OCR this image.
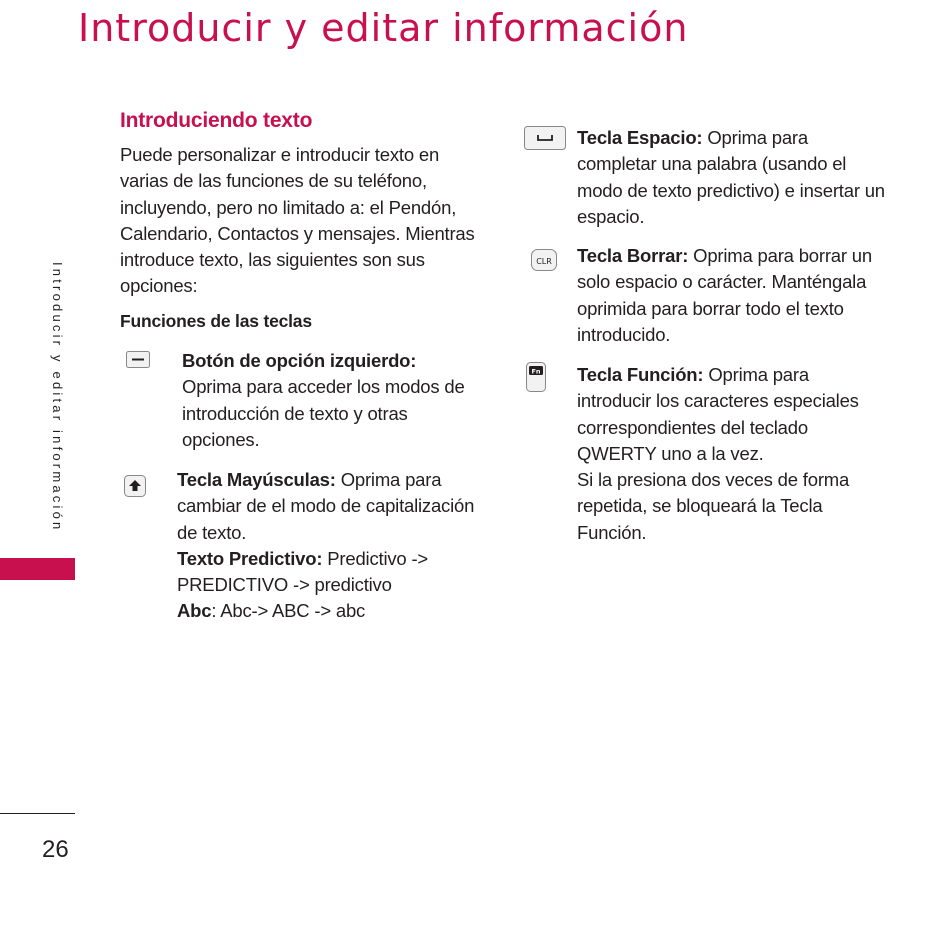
Introducir y editar información
Introducir y editar información
26
Introduciendo texto

Puede personalizar e introducir texto en varias de las funciones de su teléfono, incluyendo, pero no limitado a: el Pendón, Calendario, Contactos y mensajes. Mientras introduce texto, las siguientes son sus opciones:

Funciones de las teclas

Botón de opción izquierdo:
Oprima para acceder los modos de introducción de texto y otras opciones.
Tecla Mayúsculas: Oprima para cambiar de el modo de capitalización de texto.
Texto Predictivo: Predictivo -> PREDICTIVO -> predictivo
Abc: Abc-> ABC -> abc
Tecla Espacio: Oprima para completar una palabra (usando el modo de texto predictivo) e insertar un espacio.
CLR Tecla Borrar: Oprima para borrar un solo espacio o carácter. Manténgala oprimida para borrar todo el texto introducido.
Fn Tecla Función: Oprima para introducir los caracteres especiales correspondientes del teclado QWERTY uno a la vez.
Si la presiona dos veces de forma repetida, se bloqueará la Tecla Función.
